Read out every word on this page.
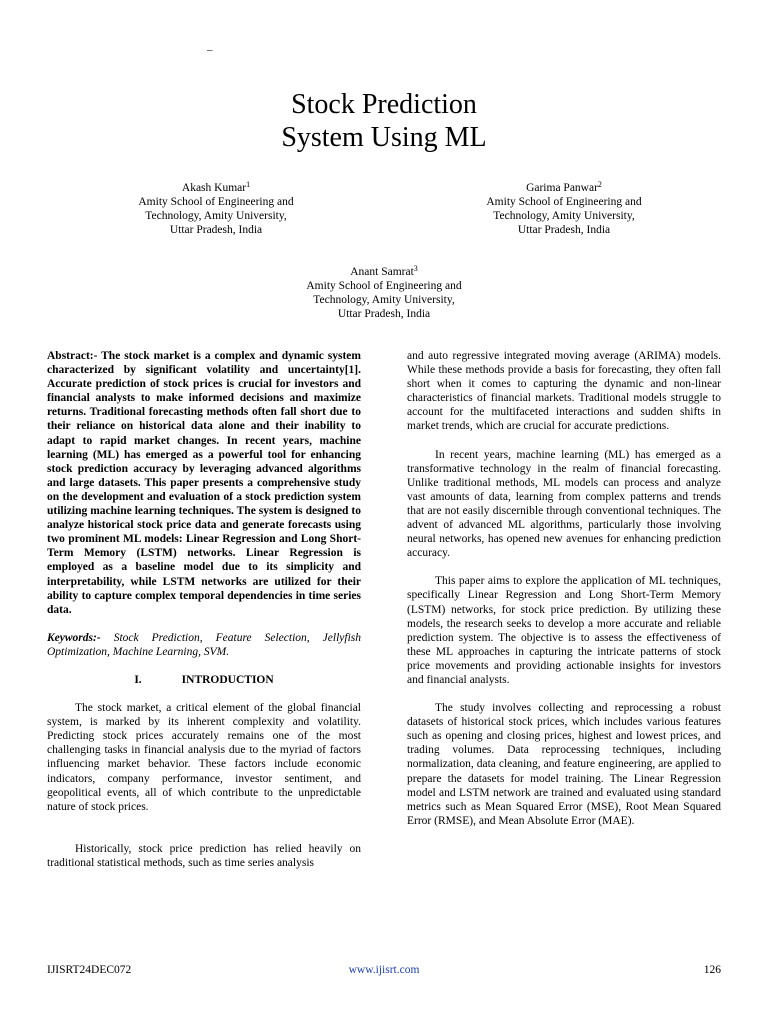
–
Stock Prediction
System Using ML
Akash Kumar$^1$
Amity School of Engineering and
Technology, Amity University,
Uttar Pradesh, India
Garima Panwar$^2$
Amity School of Engineering and
Technology, Amity University,
Uttar Pradesh, India
Anant Samrat$^3$
Amity School of Engineering and
Technology, Amity University,
Uttar Pradesh, India

Abstract:- The stock market is a complex and dynamic system characterized by significant volatility and uncertainty[1]. Accurate prediction of stock prices is crucial for investors and financial analysts to make informed decisions and maximize returns. Traditional forecasting methods often fall short due to their reliance on historical data alone and their inability to adapt to rapid market changes. In recent years, machine learning (ML) has emerged as a powerful tool for enhancing stock prediction accuracy by leveraging advanced algorithms and large datasets. This paper presents a comprehensive study on the development and evaluation of a stock prediction system utilizing machine learning techniques. The system is designed to analyze historical stock price data and generate forecasts using two prominent ML models: Linear Regression and Long Short-Term Memory (LSTM) networks. Linear Regression is employed as a baseline model due to its simplicity and interpretability, while LSTM networks are utilized for their ability to capture complex temporal dependencies in time series data.

Keywords:- Stock Prediction, Feature Selection, Jellyfish Optimization, Machine Learning, SVM.

I.	INTRODUCTION

The stock market, a critical element of the global financial system, is marked by its inherent complexity and volatility. Predicting stock prices accurately remains one of the most challenging tasks in financial analysis due to the myriad of factors influencing market behavior. These factors include economic indicators, company performance, investor sentiment, and geopolitical events, all of which contribute to the unpredictable nature of stock prices.

Historically, stock price prediction has relied heavily on traditional statistical methods, such as time series analysis

and auto regressive integrated moving average (ARIMA) models. While these methods provide a basis for forecasting, they often fall short when it comes to capturing the dynamic and non-linear characteristics of financial markets. Traditional models struggle to account for the multifaceted interactions and sudden shifts in market trends, which are crucial for accurate predictions.

In recent years, machine learning (ML) has emerged as a transformative technology in the realm of financial forecasting. Unlike traditional methods, ML models can process and analyze vast amounts of data, learning from complex patterns and trends that are not easily discernible through conventional techniques. The advent of advanced ML algorithms, particularly those involving neural networks, has opened new avenues for enhancing prediction accuracy.

This paper aims to explore the application of ML techniques, specifically Linear Regression and Long Short-Term Memory (LSTM) networks, for stock price prediction. By utilizing these models, the research seeks to develop a more accurate and reliable prediction system. The objective is to assess the effectiveness of these ML approaches in capturing the intricate patterns of stock price movements and providing actionable insights for investors and financial analysts.

The study involves collecting and reprocessing a robust datasets of historical stock prices, which includes various features such as opening and closing prices, highest and lowest prices, and trading volumes. Data reprocessing techniques, including normalization, data cleaning, and feature engineering, are applied to prepare the datasets for model training. The Linear Regression model and LSTM network are trained and evaluated using standard metrics such as Mean Squared Error (MSE), Root Mean Squared Error (RMSE), and Mean Absolute Error (MAE).

IJISRT24DEC072	www.ijisrt.com	126
